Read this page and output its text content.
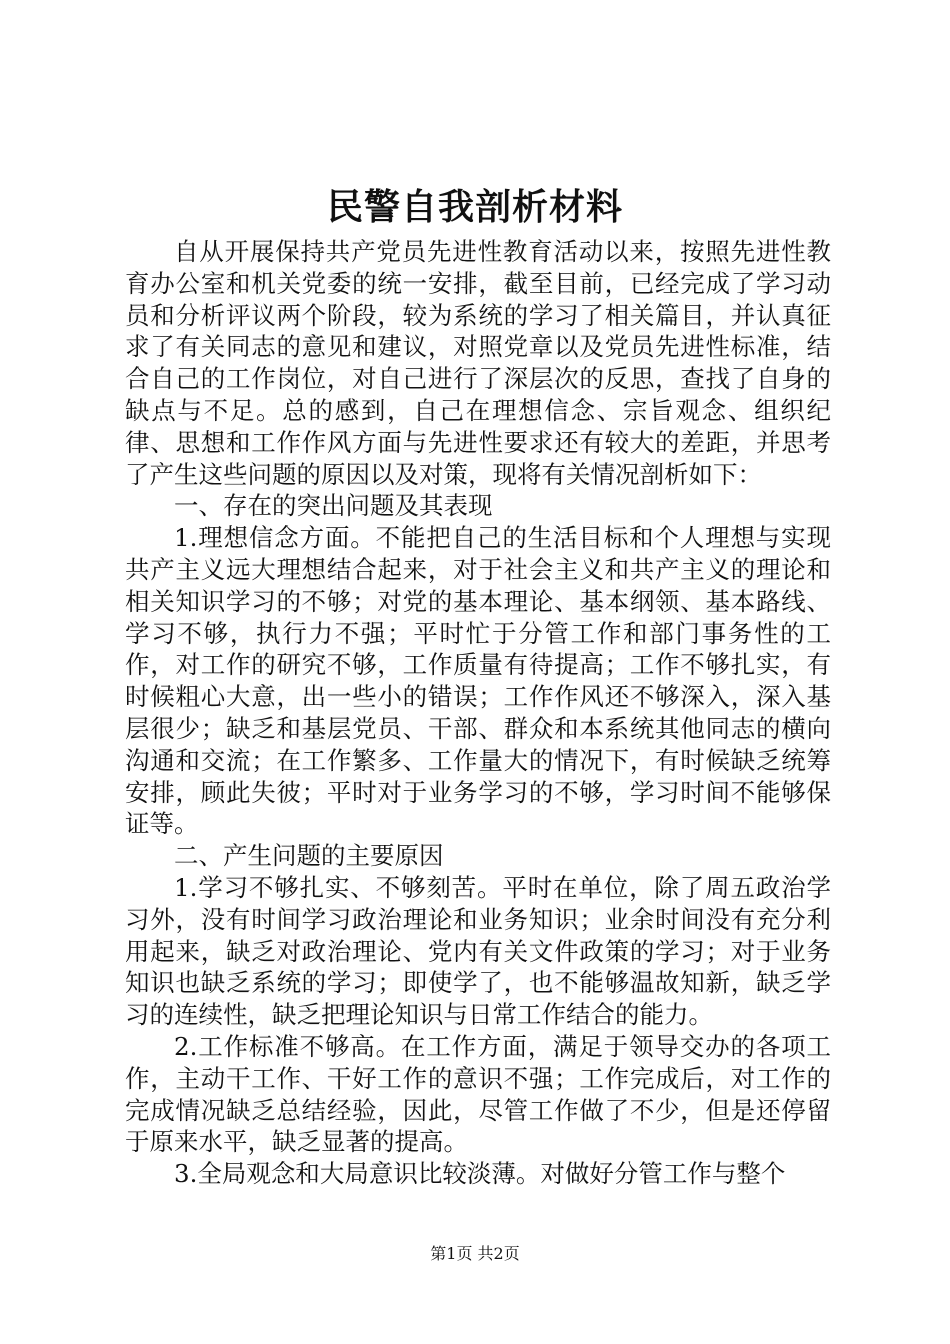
民警自我剖析材料

自从开展保持共产党员先进性教育活动以来，按照先进性教育办公室和机关党委的统一安排，截至目前，已经完成了学习动员和分析评议两个阶段，较为系统的学习了相关篇目，并认真征求了有关同志的意见和建议，对照党章以及党员先进性标准，结合自己的工作岗位，对自己进行了深层次的反思，查找了自身的缺点与不足。总的感到，自己在理想信念、宗旨观念、组织纪律、思想和工作作风方面与先进性要求还有较大的差距，并思考了产生这些问题的原因以及对策，现将有关情况剖析如下：

一、存在的突出问题及其表现

1.理想信念方面。不能把自己的生活目标和个人理想与实现共产主义远大理想结合起来，对于社会主义和共产主义的理论和相关知识学习的不够；对党的基本理论、基本纲领、基本路线、学习不够，执行力不强；平时忙于分管工作和部门事务性的工作，对工作的研究不够，工作质量有待提高；工作不够扎实，有时候粗心大意，出一些小的错误；工作作风还不够深入，深入基层很少；缺乏和基层党员、干部、群众和本系统其他同志的横向沟通和交流；在工作繁多、工作量大的情况下，有时候缺乏统筹安排，顾此失彼；平时对于业务学习的不够，学习时间不能够保证等。

二、产生问题的主要原因

1.学习不够扎实、不够刻苦。平时在单位，除了周五政治学习外，没有时间学习政治理论和业务知识；业余时间没有充分利用起来，缺乏对政治理论、党内有关文件政策的学习；对于业务知识也缺乏系统的学习；即使学了，也不能够温故知新，缺乏学习的连续性，缺乏把理论知识与日常工作结合的能力。

2.工作标准不够高。在工作方面，满足于领导交办的各项工作，主动干工作、干好工作的意识不强；工作完成后，对工作的完成情况缺乏总结经验，因此，尽管工作做了不少，但是还停留于原来水平，缺乏显著的提高。

3.全局观念和大局意识比较淡薄。对做好分管工作与整个

第1页 共2页
